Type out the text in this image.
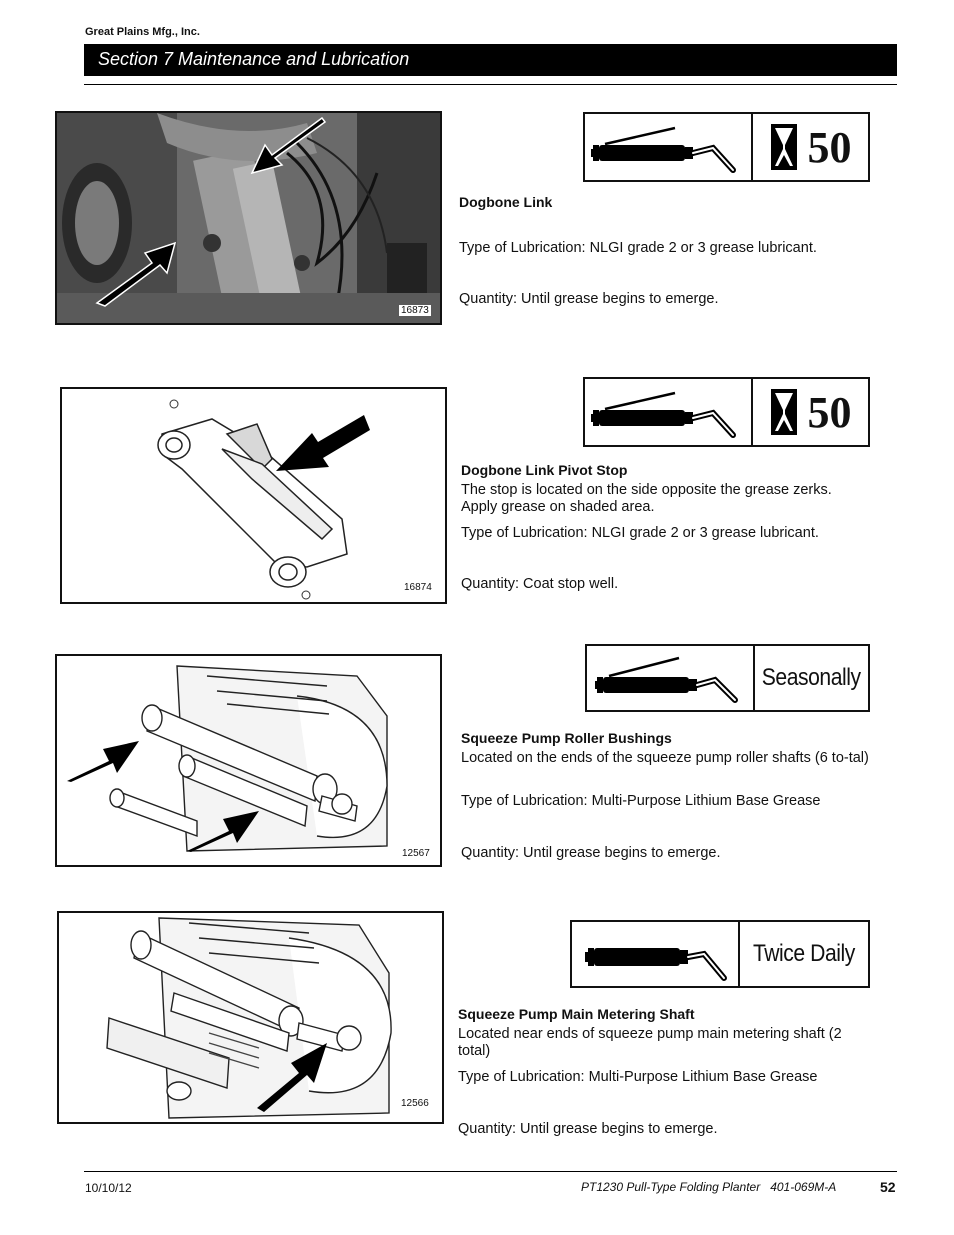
Great Plains Mfg., Inc.
Section 7 Maintenance and Lubrication
16873
50
Dogbone Link
Type of Lubrication: NLGI grade 2 or 3 grease lubricant.
Quantity: Until grease begins to emerge.
16874
50
Dogbone Link Pivot Stop
The stop is located on the side opposite the grease zerks. Apply grease on shaded area.
Type of Lubrication: NLGI grade 2 or 3 grease lubricant.
Quantity: Coat stop well.
12567
Seasonally
Squeeze Pump Roller Bushings
Located on the ends of the squeeze pump roller shafts (6 to-tal)
Type of Lubrication: Multi-Purpose Lithium Base Grease
Quantity: Until grease begins to emerge.
12566
Twice Daily
Squeeze Pump Main Metering Shaft
Located near ends of squeeze pump main metering shaft (2 total)
Type of Lubrication: Multi-Purpose Lithium Base Grease
Quantity: Until grease begins to emerge.
10/10/12	PT1230 Pull-Type Folding Planter   401-069M-A	52
